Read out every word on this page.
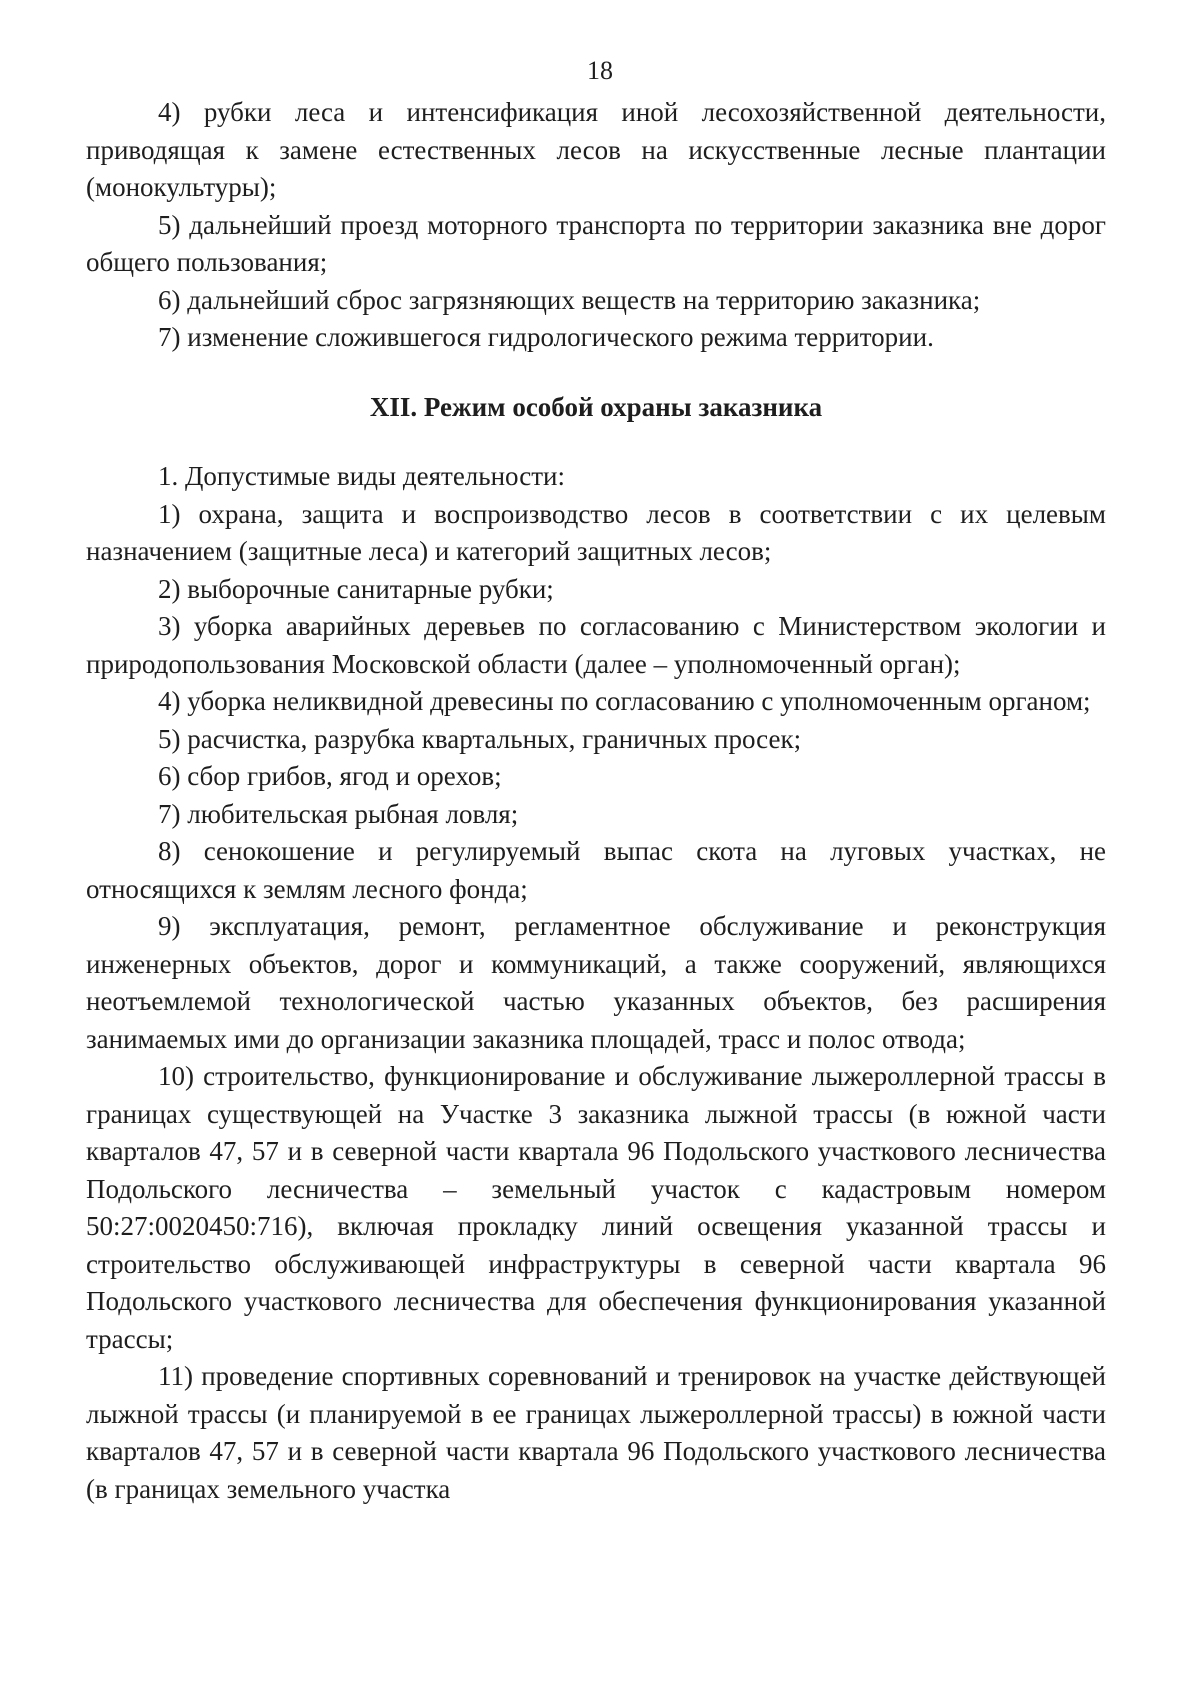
18

4) рубки леса и интенсификация иной лесохозяйственной деятельности, приводящая к замене естественных лесов на искусственные лесные плантации (монокультуры);

5) дальнейший проезд моторного транспорта по территории заказника вне дорог общего пользования;

6) дальнейший сброс загрязняющих веществ на территорию заказника;

7) изменение сложившегося гидрологического режима территории.

XII. Режим особой охраны заказника

1. Допустимые виды деятельности:

1) охрана, защита и воспроизводство лесов в соответствии с их целевым назначением (защитные леса) и категорий защитных лесов;

2) выборочные санитарные рубки;

3) уборка аварийных деревьев по согласованию с Министерством экологии и природопользования Московской области (далее – уполномоченный орган);

4) уборка неликвидной древесины по согласованию с уполномоченным органом;

5) расчистка, разрубка квартальных, граничных просек;

6) сбор грибов, ягод и орехов;

7) любительская рыбная ловля;

8) сенокошение и регулируемый выпас скота на луговых участках, не относящихся к землям лесного фонда;

9) эксплуатация, ремонт, регламентное обслуживание и реконструкция инженерных объектов, дорог и коммуникаций, а также сооружений, являющихся неотъемлемой технологической частью указанных объектов, без расширения занимаемых ими до организации заказника площадей, трасс и полос отвода;

10) строительство, функционирование и обслуживание лыжероллерной трассы в границах существующей на Участке 3 заказника лыжной трассы (в южной части кварталов 47, 57 и в северной части квартала 96 Подольского участкового лесничества Подольского лесничества – земельный участок с кадастровым номером 50:27:0020450:716), включая прокладку линий освещения указанной трассы и строительство обслуживающей инфраструктуры в северной части квартала 96 Подольского участкового лесничества для обеспечения функционирования указанной трассы;

11) проведение спортивных соревнований и тренировок на участке действующей лыжной трассы (и планируемой в ее границах лыжероллерной трассы) в южной части кварталов 47, 57 и в северной части квартала 96 Подольского участкового лесничества (в границах земельного участка
